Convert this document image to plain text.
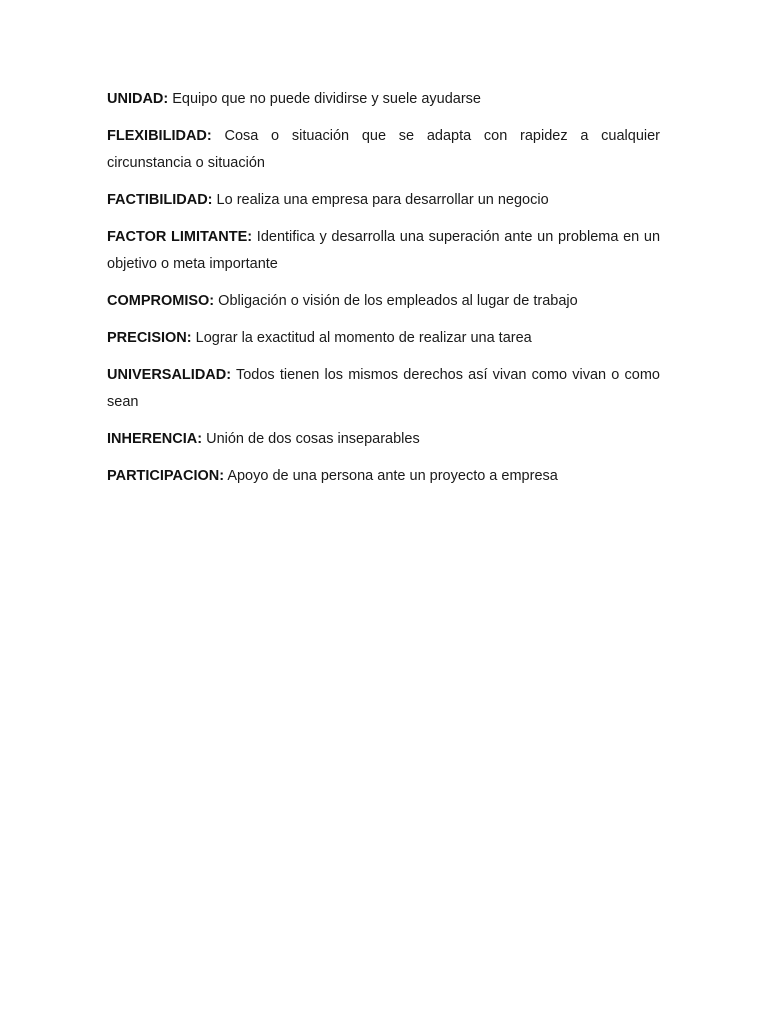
UNIDAD: Equipo que no puede dividirse y suele ayudarse

FLEXIBILIDAD: Cosa o situación que se adapta con rapidez a cualquier circunstancia o situación

FACTIBILIDAD: Lo realiza una empresa para desarrollar un negocio

FACTOR LIMITANTE: Identifica y desarrolla una superación ante un problema en un objetivo o meta importante

COMPROMISO: Obligación o visión de los empleados al lugar de trabajo

PRECISION: Lograr la exactitud al momento de realizar una tarea

UNIVERSALIDAD: Todos tienen los mismos derechos así vivan como vivan o como sean

INHERENCIA: Unión de dos cosas inseparables

PARTICIPACION: Apoyo de una persona ante un proyecto a empresa
